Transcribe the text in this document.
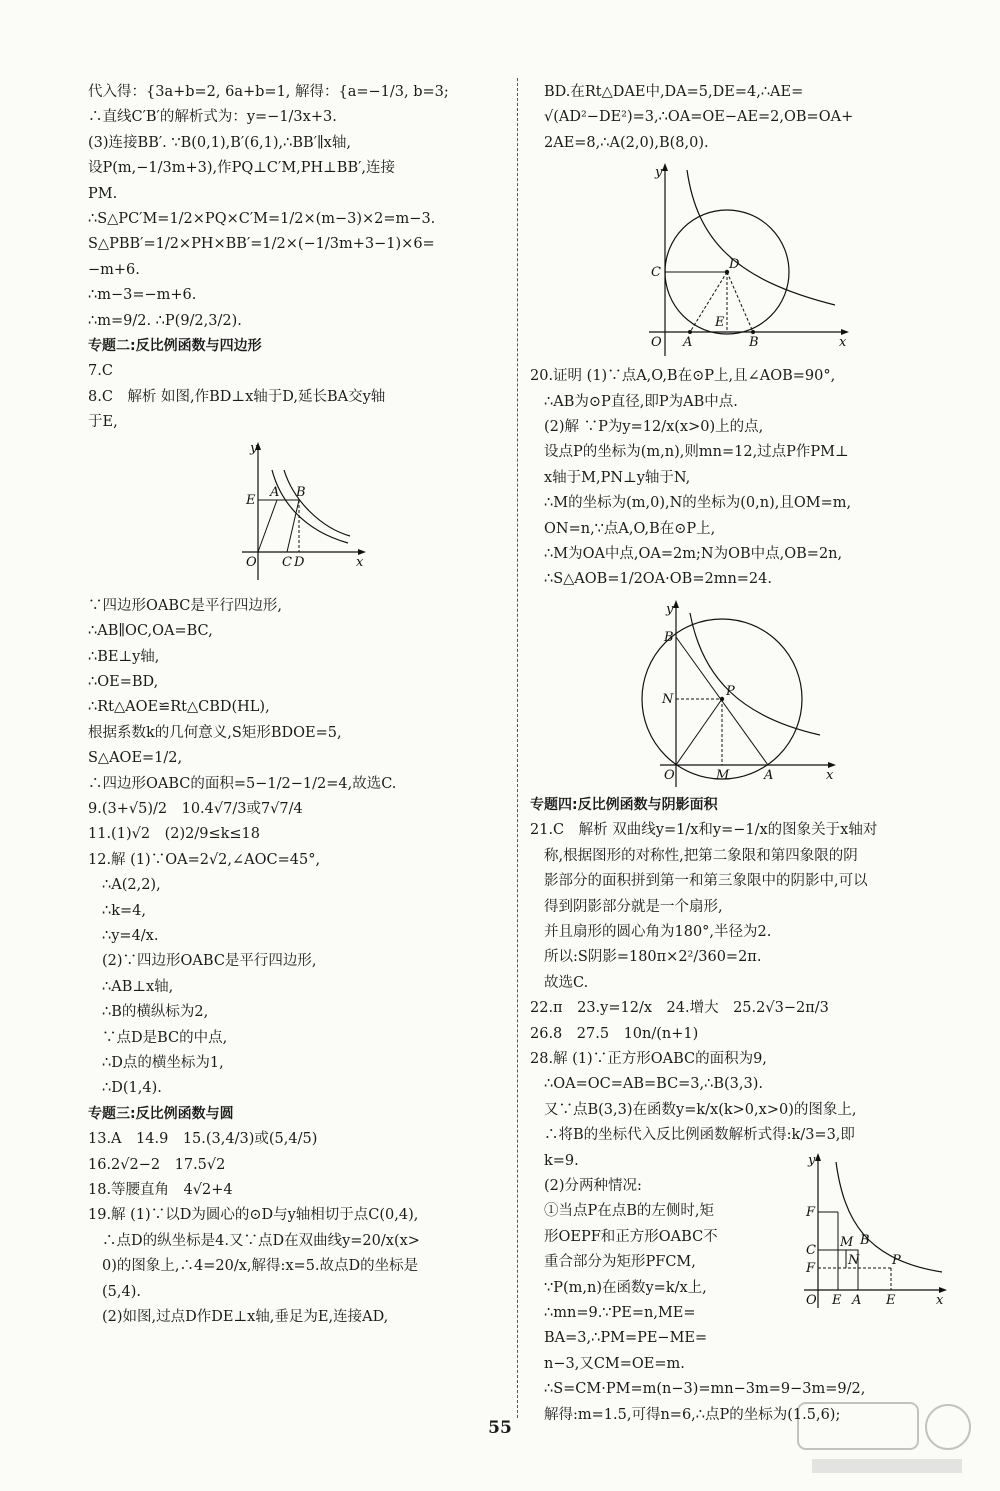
代入得：{3a+b=2, 6a+b=1, 解得：{a=−1/3, b=3;
∴直线C′B′的解析式为：y=−1/3x+3.
(3)连接BB′. ∵B(0,1),B′(6,1),∴BB′∥x轴,
设P(m,−1/3m+3),作PQ⊥C′M,PH⊥BB′,连接
PM.
∴S△PC′M=1/2×PQ×C′M=1/2×(m−3)×2=m−3.
S△PBB′=1/2×PH×BB′=1/2×(−1/3m+3−1)×6=
−m+6.
∴m−3=−m+6.
∴m=9/2. ∴P(9/2,3/2).
专题二:反比例函数与四边形
7.C
8.C　解析 如图,作BD⊥x轴于D,延长BA交y轴
于E,
y
E
A B
O C D	x
∵四边形OABC是平行四边形,
∴AB∥OC,OA=BC,
∴BE⊥y轴,
∴OE=BD,
∴Rt△AOE≌Rt△CBD(HL),
根据系数k的几何意义,S矩形BDOE=5,
S△AOE=1/2,
∴四边形OABC的面积=5−1/2−1/2=4,故选C.
9.(3+√5)/2　10.4√7/3或7√7/4
11.(1)√2　(2)2/9≤k≤18
12.解 (1)∵OA=2√2,∠AOC=45°,
∴A(2,2),
∴k=4,
∴y=4/x.
(2)∵四边形OABC是平行四边形,
∴AB⊥x轴,
∴B的横纵标为2,
∵点D是BC的中点,
∴D点的横坐标为1,
∴D(1,4).
专题三:反比例函数与圆
13.A　14.9　15.(3,4/3)或(5,4/5)
16.2√2−2　17.5√2
18.等腰直角　4√2+4
19.解 (1)∵以D为圆心的⊙D与y轴相切于点C(0,4),
∴点D的纵坐标是4.又∵点D在双曲线y=20/x(x>
0)的图象上,∴4=20/x,解得:x=5.故点D的坐标是
(5,4).
(2)如图,过点D作DE⊥x轴,垂足为E,连接AD,
BD.在Rt△DAE中,DA=5,DE=4,∴AE=
√(AD²−DE²)=3,∴OA=OE−AE=2,OB=OA+
2AE=8,∴A(2,0),B(8,0).
y
C
D
E
O A	B	x
20.证明 (1)∵点A,O,B在⊙P上,且∠AOB=90°,
∴AB为⊙P直径,即P为AB中点.
(2)解 ∵P为y=12/x(x>0)上的点,
设点P的坐标为(m,n),则mn=12,过点P作PM⊥
x轴于M,PN⊥y轴于N,
∴M的坐标为(m,0),N的坐标为(0,n),且OM=m,
ON=n,∵点A,O,B在⊙P上,
∴M为OA中点,OA=2m;N为OB中点,OB=2n,
∴S△AOB=1/2OA·OB=2mn=24.
y
B
N
P
O	M	A	x
专题四:反比例函数与阴影面积
21.C　解析 双曲线y=1/x和y=−1/x的图象关于x轴对
称,根据图形的对称性,把第二象限和第四象限的阴
影部分的面积拼到第一和第三象限中的阴影中,可以
得到阴影部分就是一个扇形,
并且扇形的圆心角为180°,半径为2.
所以:S阴影=180π×2²/360=2π.
故选C.
22.π　23.y=12/x　24.增大　25.2√3−2π/3
26.8　27.5　10n/(n+1)
28.解 (1)∵正方形OABC的面积为9,
∴OA=OC=AB=BC=3,∴B(3,3).
又∵点B(3,3)在函数y=k/x(k>0,x>0)的图象上,
∴将B的坐标代入反比例函数解析式得:k/3=3,即
k=9.
(2)分两种情况:
①当点P在点B的左侧时,矩
形OEPF和正方形OABC不
重合部分为矩形PFCM,
∵P(m,n)在函数y=k/x上,
∴mn=9.∵PE=n,ME=
BA=3,∴PM=PE−ME=
n−3,又CM=OE=m.
∴S=CM·PM=m(n−3)=mn−3m=9−3m=9/2,
解得:m=1.5,可得n=6,∴点P的坐标为(1.5,6);
y
F
C
F
M B
N	P
O E A E	x
55
